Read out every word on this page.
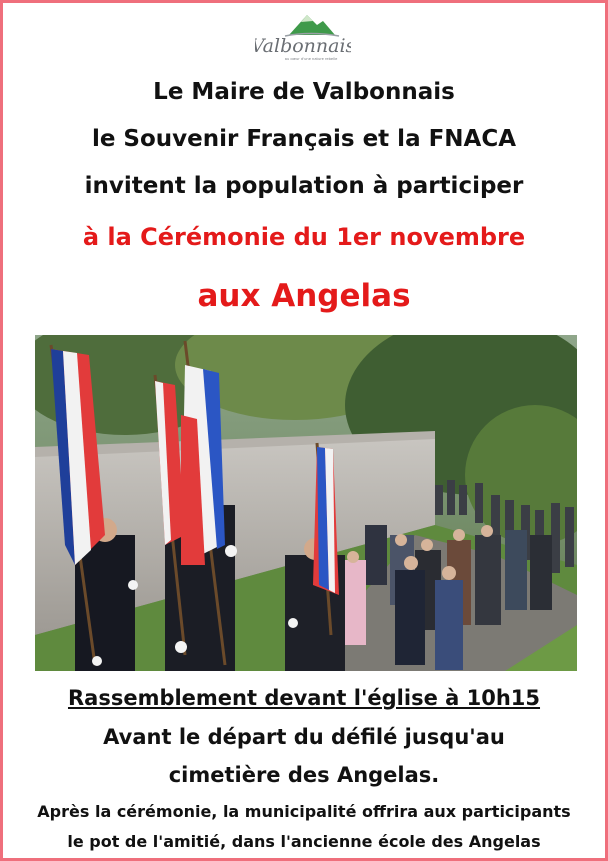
Valbonnais
au cœur d'une nature rebelle
Le Maire de Valbonnais
le Souvenir Français et la FNACA
invitent la population à participer
à la Cérémonie du 1er novembre
aux Angelas
Rassemblement devant l'église à 10h15
Avant le départ du défilé jusqu'au
cimetière des Angelas.
Après la cérémonie, la municipalité offrira aux participants
le pot de l'amitié, dans l'ancienne école des Angelas
